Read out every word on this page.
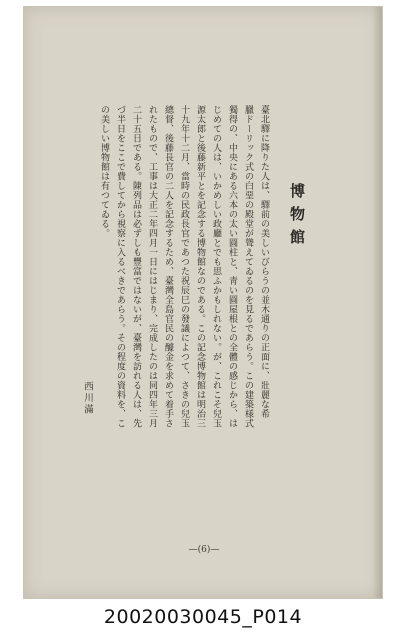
博物館
臺北驛に降りた人は、驛前の美しいびらうの並木通りの正面に、壯麗な希
臘ドーリック式の白堊の殿堂が聳えてゐるのを見るであらう。この建築様式
獨得の、中央にある六本の太い圓柱と、靑い圓屋根との全體の感じから、は
じめての人は、いかめしい政廳とでも思ふかもしれない。が、これこそ兒玉
源太郎と後藤新平とを記念する博物館なのである。この記念博物館は明治三
十九年十二月、當時の民政長官であつた祝辰巳の發議によつて、さきの兒玉
總督、後藤長官の二人を記念するため、臺灣全島官民の醵金を求めて着手さ
れたもので、工事は大正二年四月一日にはじまり、完成したのは同四年三月
二十五日である。陳列品は必ずしも豐富ではないが、臺灣を訪れる人は、先
づ半日をここで費してから視察に入るべきであらう。その程度の資料を、こ
の美しい博物館は有つてゐる。
西川滿
—(6)—
20020030045_P014
